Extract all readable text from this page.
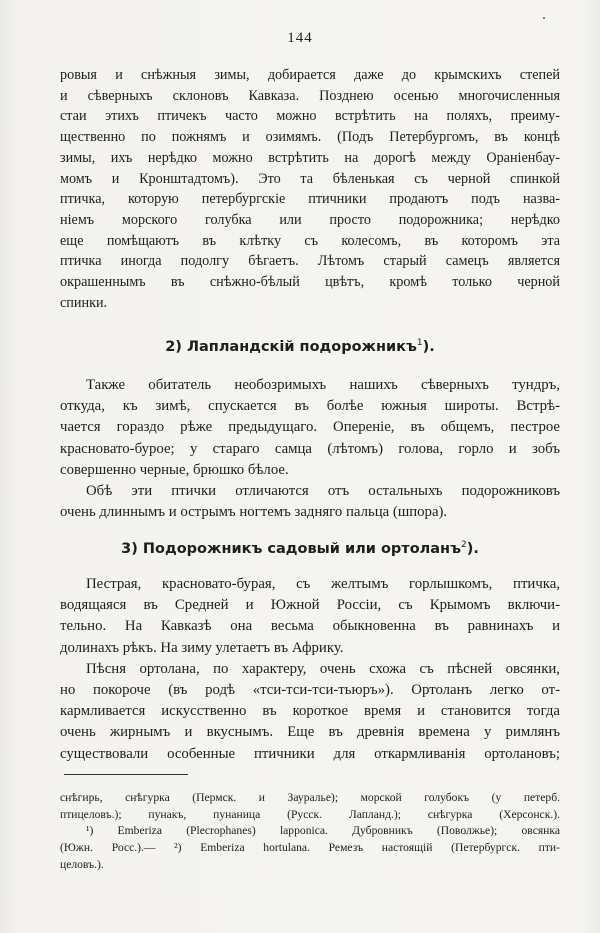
144
ровыя и снѣжныя зимы, добирается даже до крымскихъ степей
и сѣверныхъ склоновъ Кавказа. Позднею осенью многочисленныя
стаи этихъ птичекъ часто можно встрѣтить на поляхъ, преиму-
щественно по пожнямъ и озимямъ. (Подъ Петербургомъ, въ концѣ
зимы, ихъ нерѣдко можно встрѣтить на дорогѣ между Ораніенбау-
момъ и Кронштадтомъ). Это та бѣленькая съ черной спинкой
птичка, которую петербургскіе птичники продаютъ подъ назва-
ніемъ морского голубка или просто подорожника; нерѣдко
еще помѣщаютъ въ клѣтку съ колесомъ, въ которомъ эта
птичка иногда подолгу бѣгаетъ. Лѣтомъ старый самецъ является
окрашеннымъ въ снѣжно-бѣлый цвѣтъ, кромѣ только черной
спинки.
2) Лапландскій подорожникъ$^1$).
Также обитатель необозримыхъ нашихъ сѣверныхъ тундръ,
откуда, къ зимѣ, спускается въ болѣе южныя широты. Встрѣ-
чается гораздо рѣже предыдущаго. Опереніе, въ общемъ, пестрое
красновато-бурое; у стараго самца (лѣтомъ) голова, горло и зобъ
совершенно черные, брюшко бѣлое.
Обѣ эти птички отличаются отъ остальныхъ подорожниковъ
очень длиннымъ и острымъ ногтемъ задняго пальца (шпора).
3) Подорожникъ садовый или ортоланъ$^2$).
Пестрая, красновато-бурая, съ желтымъ горлышкомъ, птичка,
водящаяся въ Средней и Южной Россіи, съ Крымомъ включи-
тельно. На Кавказѣ она весьма обыкновенна въ равнинахъ и
долинахъ рѣкъ. На зиму улетаетъ въ Африку.
Пѣсня ортолана, по характеру, очень схожа съ пѣсней овсянки,
но покороче (въ родѣ «тси-тси-тси-тьюръ»). Ортоланъ легко от-
кармливается искусственно въ короткое время и становится тогда
очень жирнымъ и вкуснымъ. Еще въ древнія времена у римлянъ
существовали особенные птичники для откармливанія ортолановъ;
снѣгирь, снѣгурка (Пермск. и Зауралье); морской голубокъ (у петерб.
птицеловъ.); пунакъ, пунаница (Русск. Лапланд.); снѣгурка (Херсонск.).
¹) Emberiza (Plecrophanes) lapponica. Дубровникъ (Поволжье); овсянка
(Южн. Росс.).— ²) Emberiza hortulana. Ремезъ настоящій (Петербургск. пти-
целовъ.).
